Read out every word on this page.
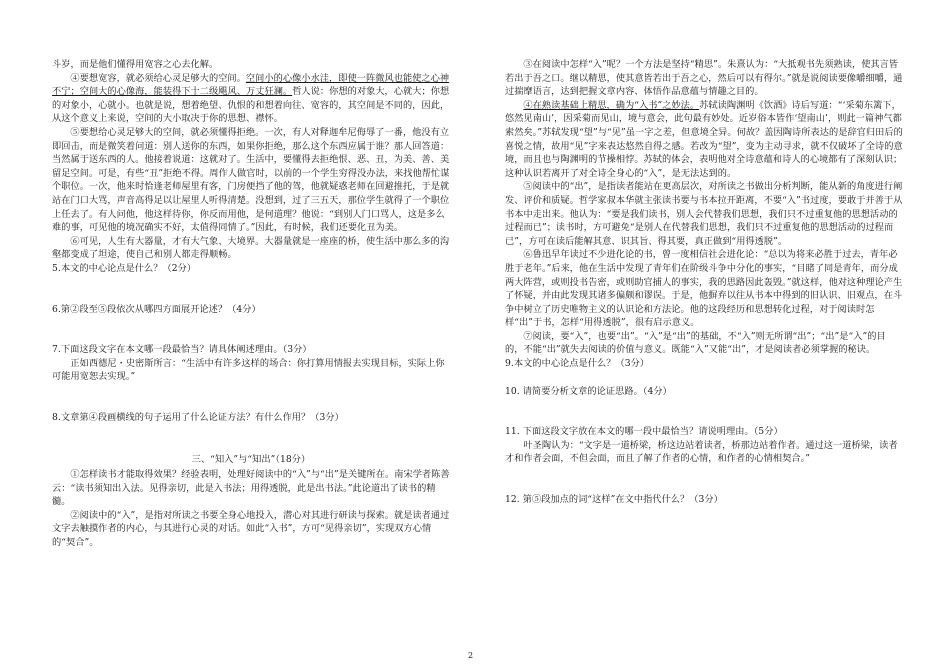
斗岁，而是他们懂得用宽容之心去化解。

④要想宽容，就必须给心灵足够大的空间。空间小的心像小水洼，即使一阵微风也能使之心神不宁；空间大的心像海，能装得下十二级飓风、万丈狂澜。哲人说：你想的对象大，心就大；你想的对象小，心就小。也就是说，想着绝望、仇恨的和想着向往、宽容的，其空间是不同的，因此，从这个意义上来说，空间的大小取决于你的思想、襟怀。

⑤要想给心灵足够大的空间，就必须懂得拒绝。一次，有人对释迦牟尼侮辱了一番，他没有立即回击，而是微笑着问道：别人送你的东西，如果你拒绝，那么这个东西应属于谁？那人回答道：当然属于送东西的人。他接着说道：这就对了。生活中，要懂得去拒绝恨、恶、丑，为美、善、美留足空间。可是，有些“丑”拒绝不得。周作人做官时，以前的一个学生穷得没办法，来找他帮忙谋个职位。一次，他来时恰逢老师屋里有客，门房便挡了他的驾，他就疑惑老师在回避推托，于是就站在门口大骂，声音高得足以让屋里人听得清楚。没想到，过了三五天，那位学生就得了一个职位上任去了。有人问他，他这样待你，你反而用他，是何道理？他说：“到别人门口骂人，这是多么难的事，可见他的境况确实不好，太值得同情了。”因此，有时候，我们还要化丑为美。

⑥可见，人生有大器量，才有大气象、大境界。大器量就是一座座的桥，使生活中那么多的沟壑都变成了坦途，使自己和别人都走得顺畅。

5.本文的中心论点是什么？（2分）

6.第②段至⑤段依次从哪四方面展开论述？（4分）

7.下面这段文字在本文哪一段最恰当？请具体阐述理由。（3分）

正如西德尼・史密斯所言：“生活中有许多这样的场合：你打算用情报去实现目标，实际上你可能用宽恕去实现。”

8.文章第④段画横线的句子运用了什么论证方法？有什么作用？（3分）

三、“知入”与“知出”（18分）

①怎样读书才能取得效果？经验表明，处理好阅读中的“入”与“出”是关键所在。南宋学者陈善云：“读书须知出入法。见得亲切，此是入书法；用得透脱，此是出书法。”此论道出了读书的精髓。

②阅读中的“入”，是指对所读之书要全身心地投入，潜心对其进行研读与探索。就是读者通过文字去触摸作者的内心，与其进行心灵的对话。如此“入书”，方可“见得亲切”，实现双方心情的“契合”。

③在阅读中怎样“入”呢？一个方法是坚持“精思”。朱熹认为：“大抵观书先须熟读，使其言皆若出于吾之口。继以精思，使其意皆若出于吾之心，然后可以有得尔。”就是说阅读要像嚼细嚼，通过揣摩语言，达到把握文章内容、体悟作品意蕴与情趣之目的。

④在熟读基础上精思，确为“入书”之妙法。苏轼读陶渊明《饮酒》诗后写道：“‘采菊东篱下，悠然见南山’，因采菊而见山，境与意会，此句最有妙处。近岁俗本皆作‘望南山’，则此一篇神气都索然矣。”苏轼发现“望”与“见”虽一字之差，但意境全异。何故？盖因陶诗所表达的是辞官归田后的喜悦之情，故用“见”字来表达悠然自得之感。若改为“望”，变为主动寻求，就不仅破坏了全诗的意境，而且也与陶渊明的节操相悖。苏轼的体会，表明他对全诗意蕴和诗人的心境都有了深刻认识；这种认识若离开了对全诗全身心的“入”，是无法达到的。

⑤阅读中的“出”，是指读者能站在更高层次，对所读之书做出分析判断，能从新的角度进行阐发、评价和质疑。哲学家叔本华就主张读书要与书本拉开距离，不要“入”书过度，要敢于并善于从书本中走出来。他认为：“要是我们读书，别人会代替我们思想，我们只不过重复他的思想活动的过程而已”；读书时，方可避免“是别人在代替我们思想，我们只不过重复他的思想活动的过程而已”，方可在读后能解其意、识其旨、得其要，真正做到“用得透脱”。

⑥鲁迅早年读过不少进化论的书，曾一度相信社会进化论：“总以为将来必胜于过去，青年必胜于老年。”后来，他在生活中发现了青年们在阶级斗争中分化的事实，“目睹了同是青年，而分成两大阵营，或则投书告密，或则助官捕人的事实，我的思路因此轰毁。”就这样，他对这种理论产生了怀疑，并由此发现其诸多偏颇和谬误。于是，他摒弃以往从书本中得到的旧认识、旧观点，在斗争中树立了历史唯物主义的认识论和方法论。他的这段经历和思想转化过程，对于阅读时怎样“出”于书，怎样“用得透脱”，很有启示意义。

⑦阅读，要“入”，也要“出”。“入”是“出”的基础，不“入”则无所谓“出”；“出”是“入”的目的，不能“出”就失去阅读的价值与意义。既能“入”又能“出”，才是阅读者必须掌握的秘诀。

9.本文的中心论点是什么？（3分）

10. 请简要分析文章的论证思路。（4分）

11. 下面这段文字放在本文的哪一段中最恰当？请说明理由。（5分）

叶圣陶认为：“文字是一道桥梁，桥这边站着读者，桥那边站着作者。通过这一道桥梁，读者才和作者会面，不但会面，而且了解了作者的心情，和作者的心情相契合。”

12. 第⑤段加点的词“这样”在文中指代什么？（3分）

2
